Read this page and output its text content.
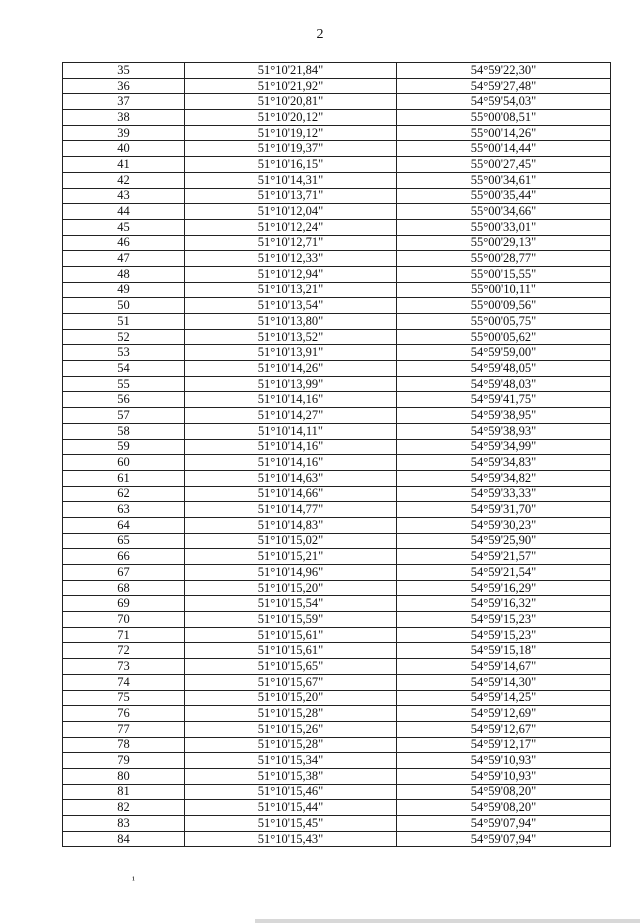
2
35	51°10'21,84"	54°59'22,30"
36	51°10'21,92"	54°59'27,48"
37	51°10'20,81"	54°59'54,03"
38	51°10'20,12"	55°00'08,51"
39	51°10'19,12"	55°00'14,26"
40	51°10'19,37"	55°00'14,44"
41	51°10'16,15"	55°00'27,45"
42	51°10'14,31"	55°00'34,61"
43	51°10'13,71"	55°00'35,44"
44	51°10'12,04"	55°00'34,66"
45	51°10'12,24"	55°00'33,01"
46	51°10'12,71"	55°00'29,13"
47	51°10'12,33"	55°00'28,77"
48	51°10'12,94"	55°00'15,55"
49	51°10'13,21"	55°00'10,11"
50	51°10'13,54"	55°00'09,56"
51	51°10'13,80"	55°00'05,75"
52	51°10'13,52"	55°00'05,62"
53	51°10'13,91"	54°59'59,00"
54	51°10'14,26"	54°59'48,05"
55	51°10'13,99"	54°59'48,03"
56	51°10'14,16"	54°59'41,75"
57	51°10'14,27"	54°59'38,95"
58	51°10'14,11"	54°59'38,93"
59	51°10'14,16"	54°59'34,99"
60	51°10'14,16"	54°59'34,83"
61	51°10'14,63"	54°59'34,82"
62	51°10'14,66"	54°59'33,33"
63	51°10'14,77"	54°59'31,70"
64	51°10'14,83"	54°59'30,23"
65	51°10'15,02"	54°59'25,90"
66	51°10'15,21"	54°59'21,57"
67	51°10'14,96"	54°59'21,54"
68	51°10'15,20"	54°59'16,29"
69	51°10'15,54"	54°59'16,32"
70	51°10'15,59"	54°59'15,23"
71	51°10'15,61"	54°59'15,23"
72	51°10'15,61"	54°59'15,18"
73	51°10'15,65"	54°59'14,67"
74	51°10'15,67"	54°59'14,30"
75	51°10'15,20"	54°59'14,25"
76	51°10'15,28"	54°59'12,69"
77	51°10'15,26"	54°59'12,67"
78	51°10'15,28"	54°59'12,17"
79	51°10'15,34"	54°59'10,93"
80	51°10'15,38"	54°59'10,93"
81	51°10'15,46"	54°59'08,20"
82	51°10'15,44"	54°59'08,20"
83	51°10'15,45"	54°59'07,94"
84	51°10'15,43"	54°59'07,94"
¹
